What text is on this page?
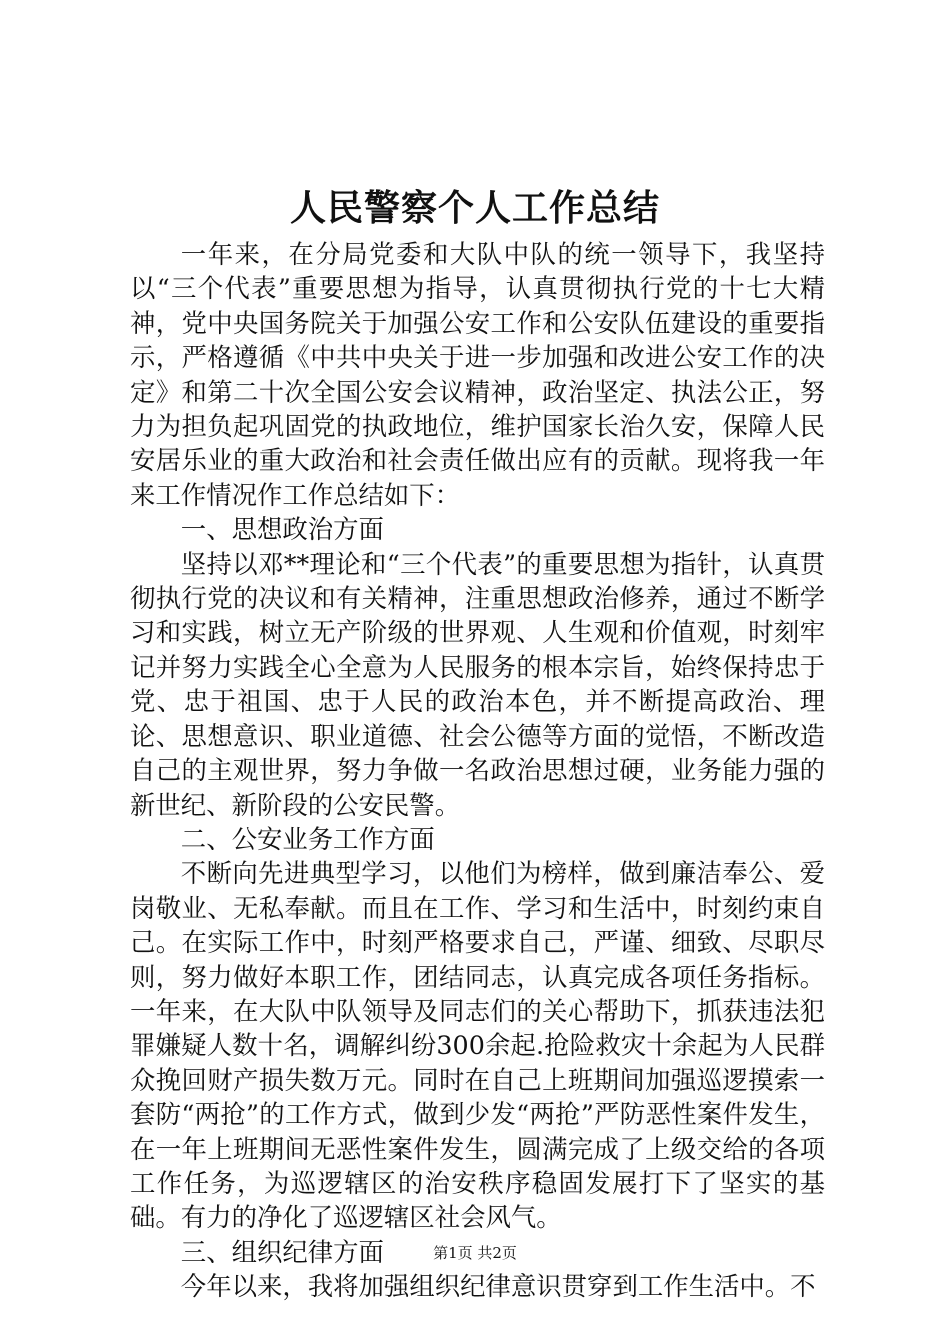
人民警察个人工作总结

一年来，在分局党委和大队中队的统一领导下，我坚持以“三个代表”重要思想为指导，认真贯彻执行党的十七大精神，党中央国务院关于加强公安工作和公安队伍建设的重要指示，严格遵循《中共中央关于进一步加强和改进公安工作的决定》和第二十次全国公安会议精神，政治坚定、执法公正，努力为担负起巩固党的执政地位，维护国家长治久安，保障人民安居乐业的重大政治和社会责任做出应有的贡献。现将我一年来工作情况作工作总结如下：

一、思想政治方面

坚持以邓**理论和“三个代表”的重要思想为指针，认真贯彻执行党的决议和有关精神，注重思想政治修养，通过不断学习和实践，树立无产阶级的世界观、人生观和价值观，时刻牢记并努力实践全心全意为人民服务的根本宗旨，始终保持忠于党、忠于祖国、忠于人民的政治本色，并不断提高政治、理论、思想意识、职业道德、社会公德等方面的觉悟，不断改造自己的主观世界，努力争做一名政治思想过硬，业务能力强的新世纪、新阶段的公安民警。

二、公安业务工作方面

不断向先进典型学习，以他们为榜样，做到廉洁奉公、爱岗敬业、无私奉献。而且在工作、学习和生活中，时刻约束自己。在实际工作中，时刻严格要求自己，严谨、细致、尽职尽则，努力做好本职工作，团结同志，认真完成各项任务指标。一年来，在大队中队领导及同志们的关心帮助下，抓获违法犯罪嫌疑人数十名，调解纠纷300余起.抢险救灾十余起为人民群众挽回财产损失数万元。同时在自己上班期间加强巡逻摸索一套防“两抢”的工作方式，做到少发“两抢”严防恶性案件发生，在一年上班期间无恶性案件发生，圆满完成了上级交给的各项工作任务，为巡逻辖区的治安秩序稳固发展打下了坚实的基础。有力的净化了巡逻辖区社会风气。

三、组织纪律方面

今年以来，我将加强组织纪律意识贯穿到工作生活中。不

第1页 共2页
